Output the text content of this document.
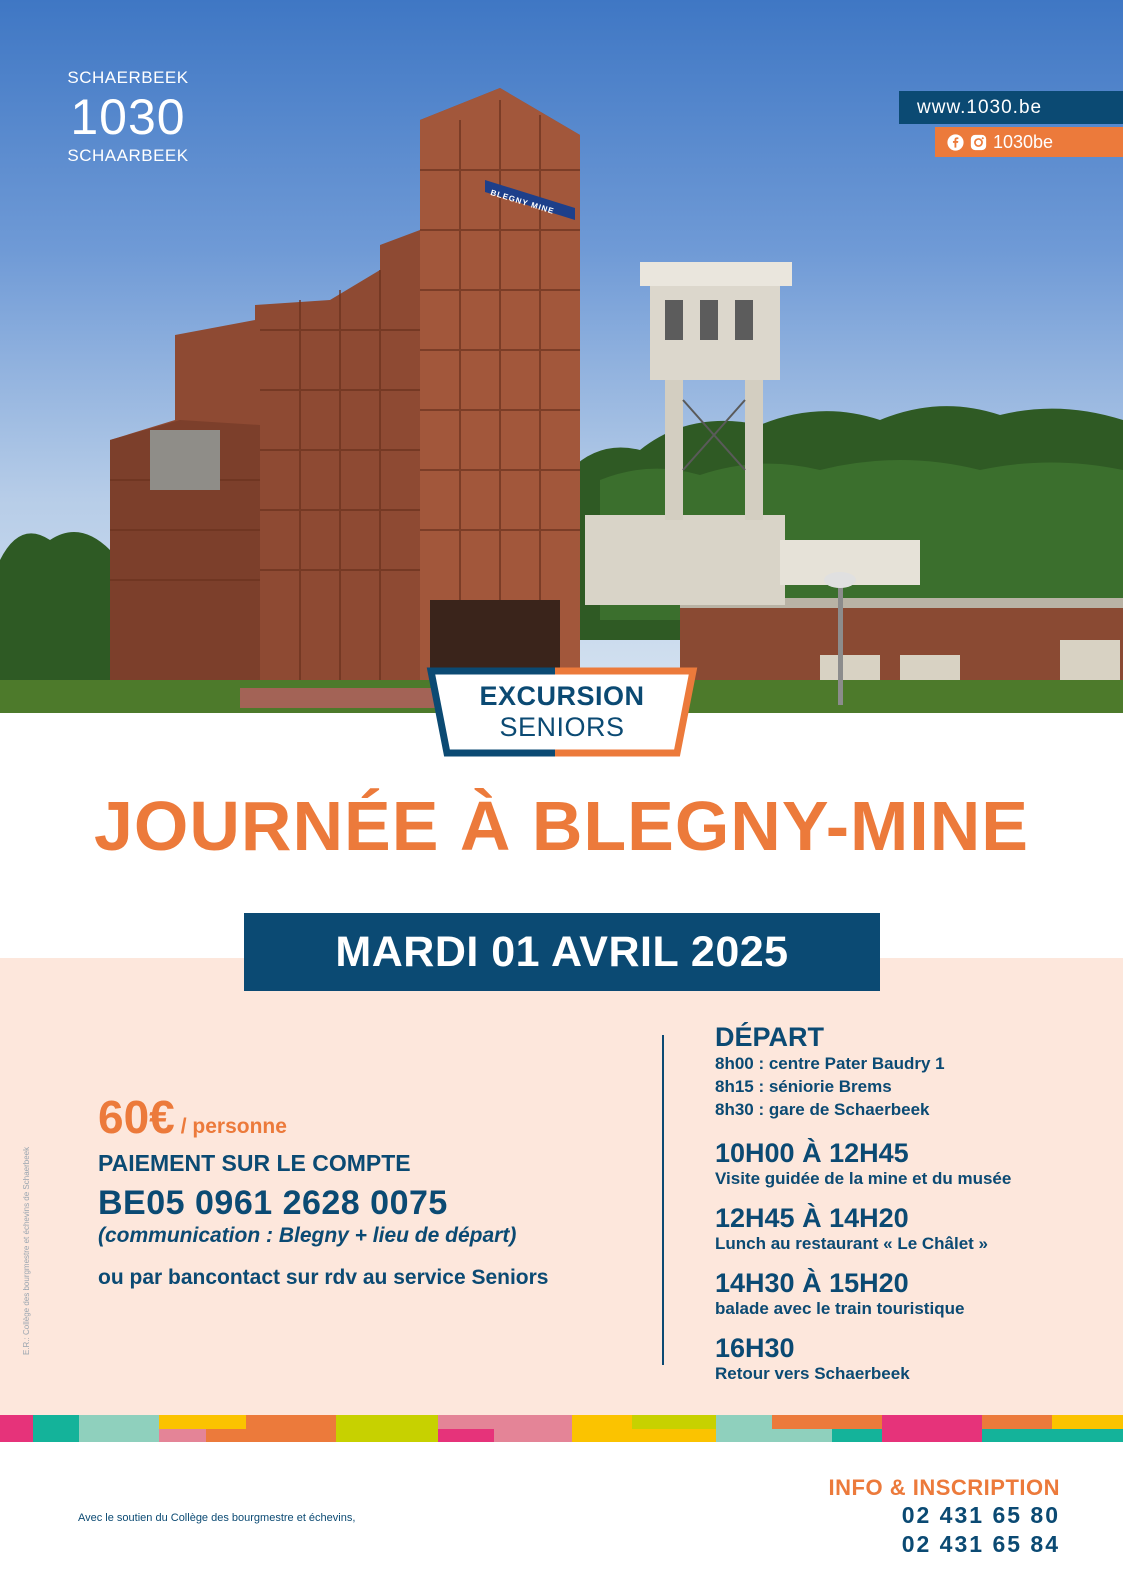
BLEGNY MINE
SCHAERBEEK
1030
SCHAARBEEK
www.1030.be
1030be
EXCURSION
SENIORS
JOURNÉE À BLEGNY-MINE
MARDI 01 AVRIL 2025
E.R.: Collège des bourgmestre et échevins de Schaerbeek
60€ / personne
PAIEMENT SUR LE COMPTE
BE05 0961 2628 0075
(communication : Blegny + lieu de départ)
ou par bancontact sur rdv au service Seniors
DÉPART
8h00 : centre Pater Baudry 1
8h15 : séniorie Brems
8h30 : gare de Schaerbeek
10H00 À 12H45
Visite guidée de la mine et du musée
12H45 À 14H20
Lunch au restaurant « Le Châlet »
14H30 À 15H20
balade avec le train touristique
16H30
Retour vers Schaerbeek
Avec le soutien du Collège des bourgmestre et échevins,
INFO & INSCRIPTION
02 431 65 80
02 431 65 84
